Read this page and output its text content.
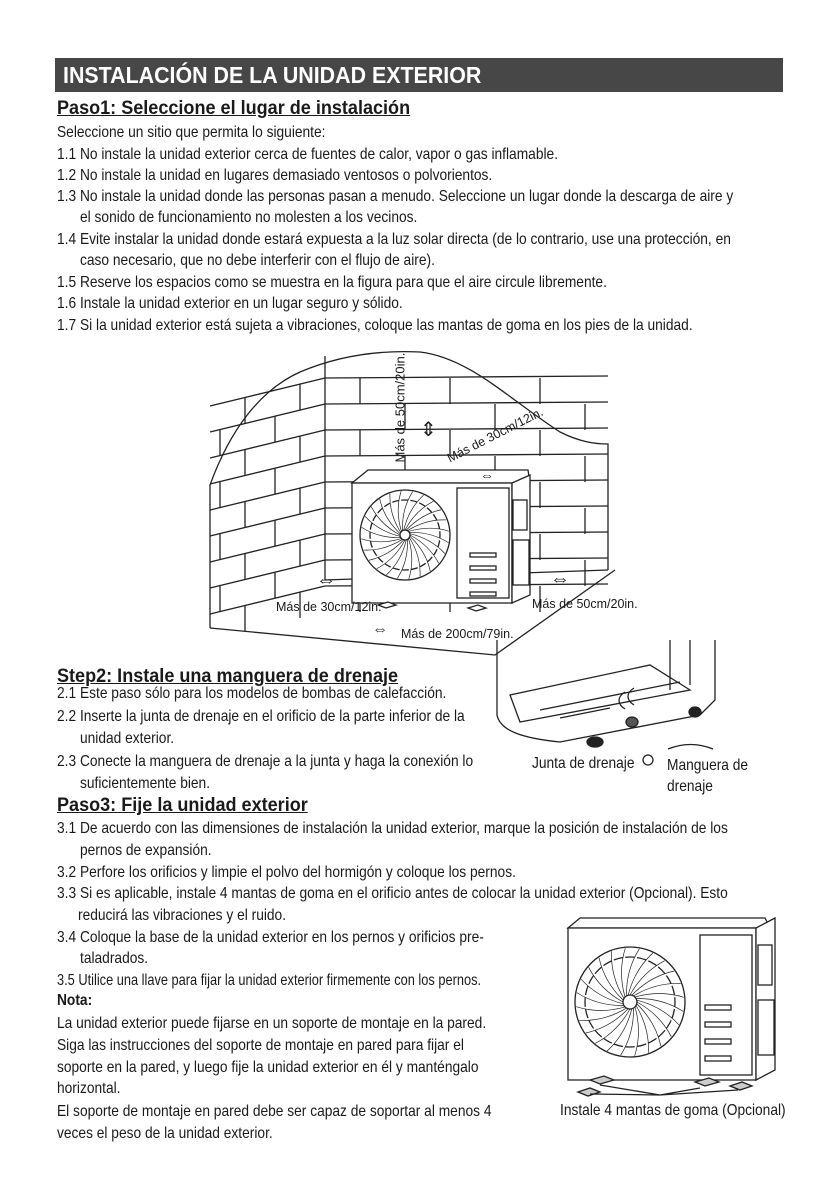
INSTALACIÓN DE LA UNIDAD EXTERIOR
Paso1: Seleccione el lugar de instalación
Seleccione un sitio que permita lo siguiente:
1.1 No instale la unidad exterior cerca de fuentes de calor, vapor o gas inflamable.
1.2 No instale la unidad en lugares demasiado ventosos o polvorientos.
1.3 No instale la unidad donde las personas pasan a menudo. Seleccione un lugar donde la descarga de aire y
el sonido de funcionamiento no molesten a los vecinos.
1.4 Evite instalar la unidad donde estará expuesta a la luz solar directa (de lo contrario, use una protección, en
caso necesario, que no debe interferir con el flujo de aire).
1.5 Reserve los espacios como se muestra en la figura para que el aire circule libremente.
1.6 Instale la unidad exterior en un lugar seguro y sólido.
1.7 Si la unidad exterior está sujeta a vibraciones, coloque las mantas de goma en los pies de la unidad.
Más de 50cm/20in. ⇕ Más de 30cm/12in.
⇔
⇔
Más de 30cm/12in.
⇔
Más de 50cm/20in.
⇔ Más de 200cm/79in.
Step2: Instale una manguera de drenaje
2.1 Este paso sólo para los modelos de bombas de calefacción.
2.2 Inserte la junta de drenaje en el orificio de la parte inferior de la
unidad exterior.
2.3 Conecte la manguera de drenaje a la junta y haga la conexión lo
suficientemente bien.
Junta de drenaje Manguera de
drenaje
Paso3: Fije la unidad exterior
3.1 De acuerdo con las dimensiones de instalación la unidad exterior, marque la posición de instalación de los
pernos de expansión.
3.2 Perfore los orificios y limpie el polvo del hormigón y coloque los pernos.
3.3 Si es aplicable, instale 4 mantas de goma en el orificio antes de colocar la unidad exterior (Opcional). Esto
reducirá las vibraciones y el ruido.
3.4 Coloque la base de la unidad exterior en los pernos y orificios pre-
taladrados.
3.5 Utilice una llave para fijar la unidad exterior firmemente con los pernos.
Nota:
La unidad exterior puede fijarse en un soporte de montaje en la pared.
Siga las instrucciones del soporte de montaje en pared para fijar el
soporte en la pared, y luego fije la unidad exterior en él y manténgalo
horizontal.
El soporte de montaje en pared debe ser capaz de soportar al menos 4
veces el peso de la unidad exterior.
Instale 4 mantas de goma (Opcional)
